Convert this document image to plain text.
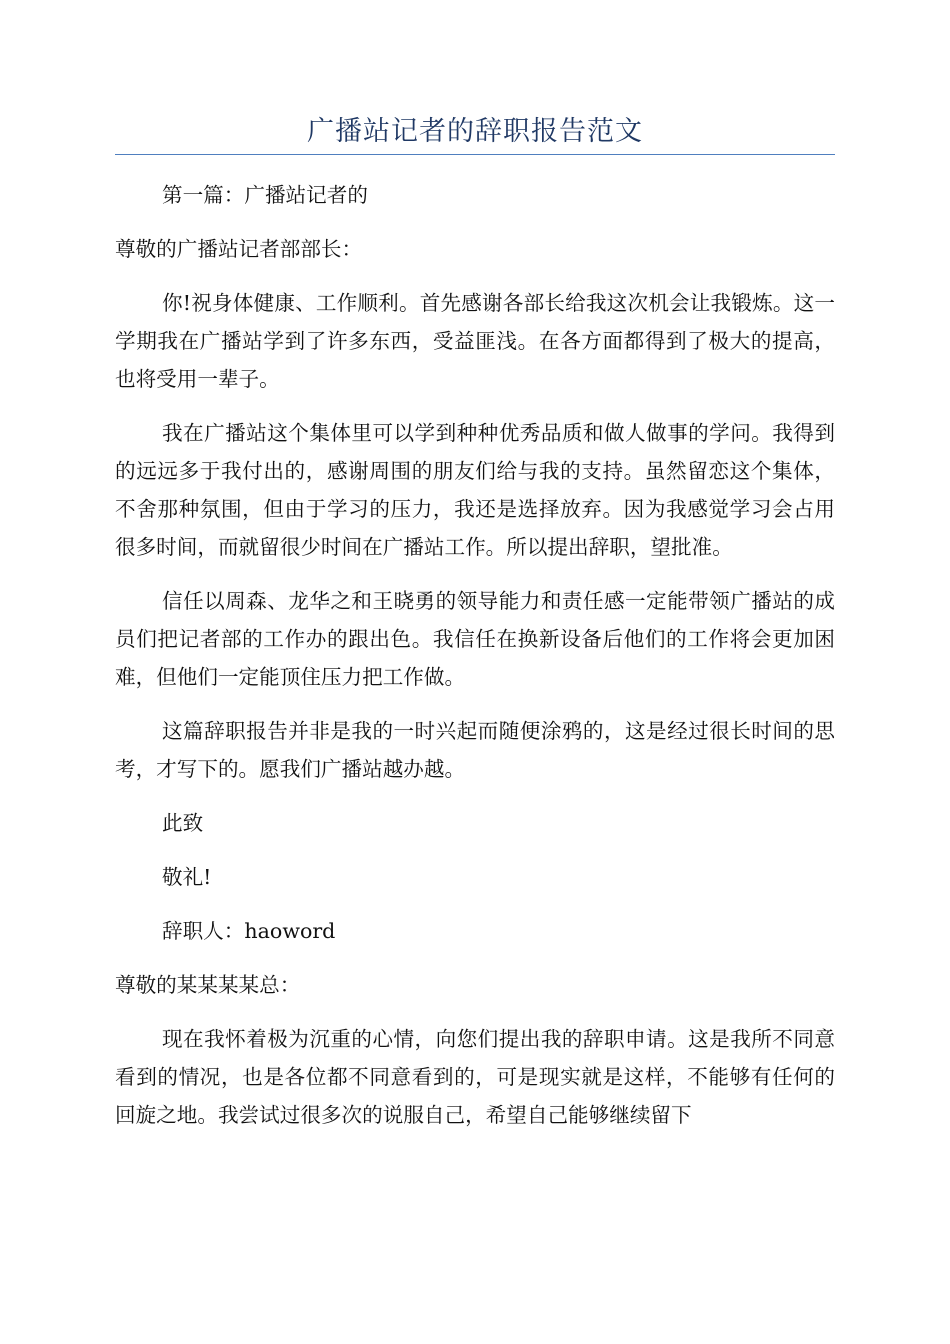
广播站记者的辞职报告范文

第一篇：广播站记者的

尊敬的广播站记者部部长：

你!祝身体健康、工作顺利。首先感谢各部长给我这次机会让我锻炼。这一学期我在广播站学到了许多东西，受益匪浅。在各方面都得到了极大的提高，也将受用一辈子。

我在广播站这个集体里可以学到种种优秀品质和做人做事的学问。我得到的远远多于我付出的，感谢周围的朋友们给与我的支持。虽然留恋这个集体，不舍那种氛围，但由于学习的压力，我还是选择放弃。因为我感觉学习会占用很多时间，而就留很少时间在广播站工作。所以提出辞职，望批准。

信任以周森、龙华之和王晓勇的领导能力和责任感一定能带领广播站的成员们把记者部的工作办的跟出色。我信任在换新设备后他们的工作将会更加困难，但他们一定能顶住压力把工作做。

这篇辞职报告并非是我的一时兴起而随便涂鸦的，这是经过很长时间的思考，才写下的。愿我们广播站越办越。

此致

敬礼!

辞职人：haoword

尊敬的某某某某总：

现在我怀着极为沉重的心情，向您们提出我的辞职申请。这是我所不同意看到的情况，也是各位都不同意看到的，可是现实就是这样，不能够有任何的回旋之地。我尝试过很多次的说服自己，希望自己能够继续留下
